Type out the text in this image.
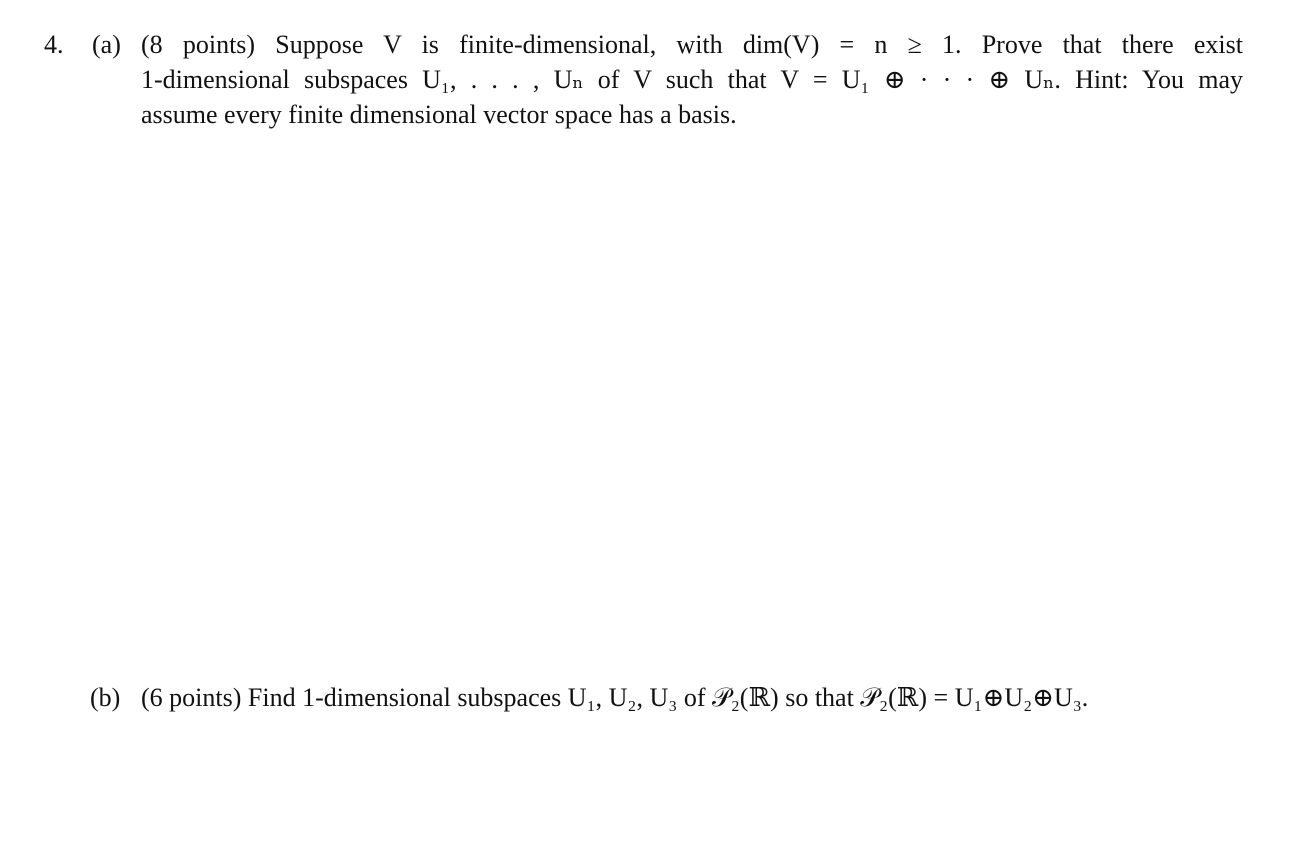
4. (a) (8 points) Suppose V is finite-dimensional, with dim(V) = n ≥ 1. Prove that there exist
1-dimensional subspaces U₁, . . . , Uₙ of V such that V = U₁ ⊕ · · · ⊕ Uₙ. Hint: You may
assume every finite dimensional vector space has a basis.
(b) (6 points) Find 1-dimensional subspaces U₁, U₂, U₃ of 𝒫₂(ℝ) so that 𝒫₂(ℝ) = U₁⊕U₂⊕U₃.
